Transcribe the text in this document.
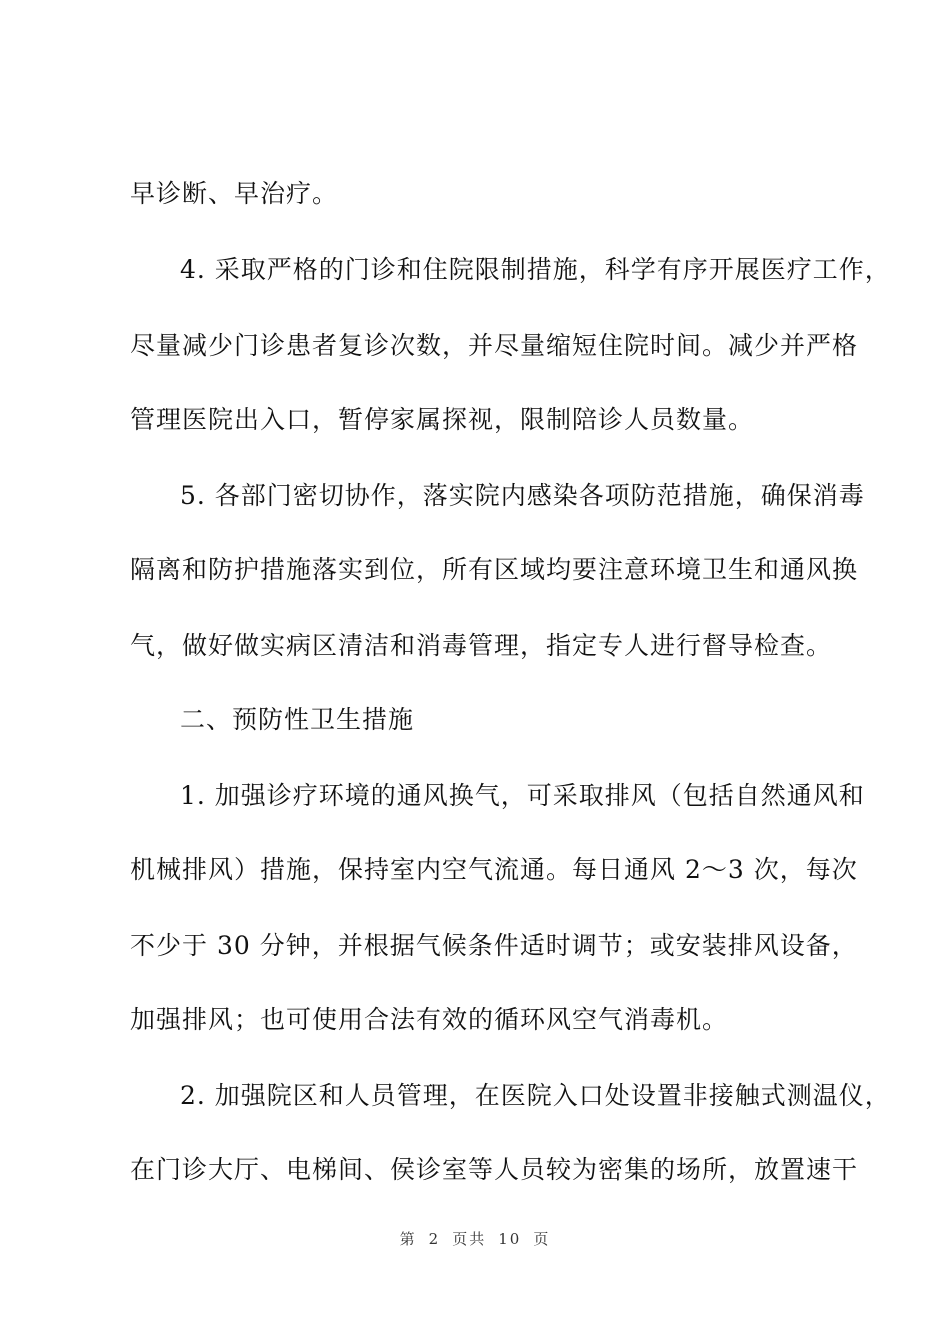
早诊断、早治疗。
4. 采取严格的门诊和住院限制措施，科学有序开展医疗工作，
尽量减少门诊患者复诊次数，并尽量缩短住院时间。减少并严格
管理医院出入口，暂停家属探视，限制陪诊人员数量。
5. 各部门密切协作，落实院内感染各项防范措施，确保消毒
隔离和防护措施落实到位，所有区域均要注意环境卫生和通风换
气，做好做实病区清洁和消毒管理，指定专人进行督导检查。
二、预防性卫生措施
1. 加强诊疗环境的通风换气，可采取排风（包括自然通风和
机械排风）措施，保持室内空气流通。每日通风 2～3 次，每次
不少于 30 分钟，并根据气候条件适时调节；或安装排风设备，
加强排风；也可使用合法有效的循环风空气消毒机。
2. 加强院区和人员管理，在医院入口处设置非接触式测温仪，
在门诊大厅、电梯间、侯诊室等人员较为密集的场所，放置速干
第 2 页共 10 页
